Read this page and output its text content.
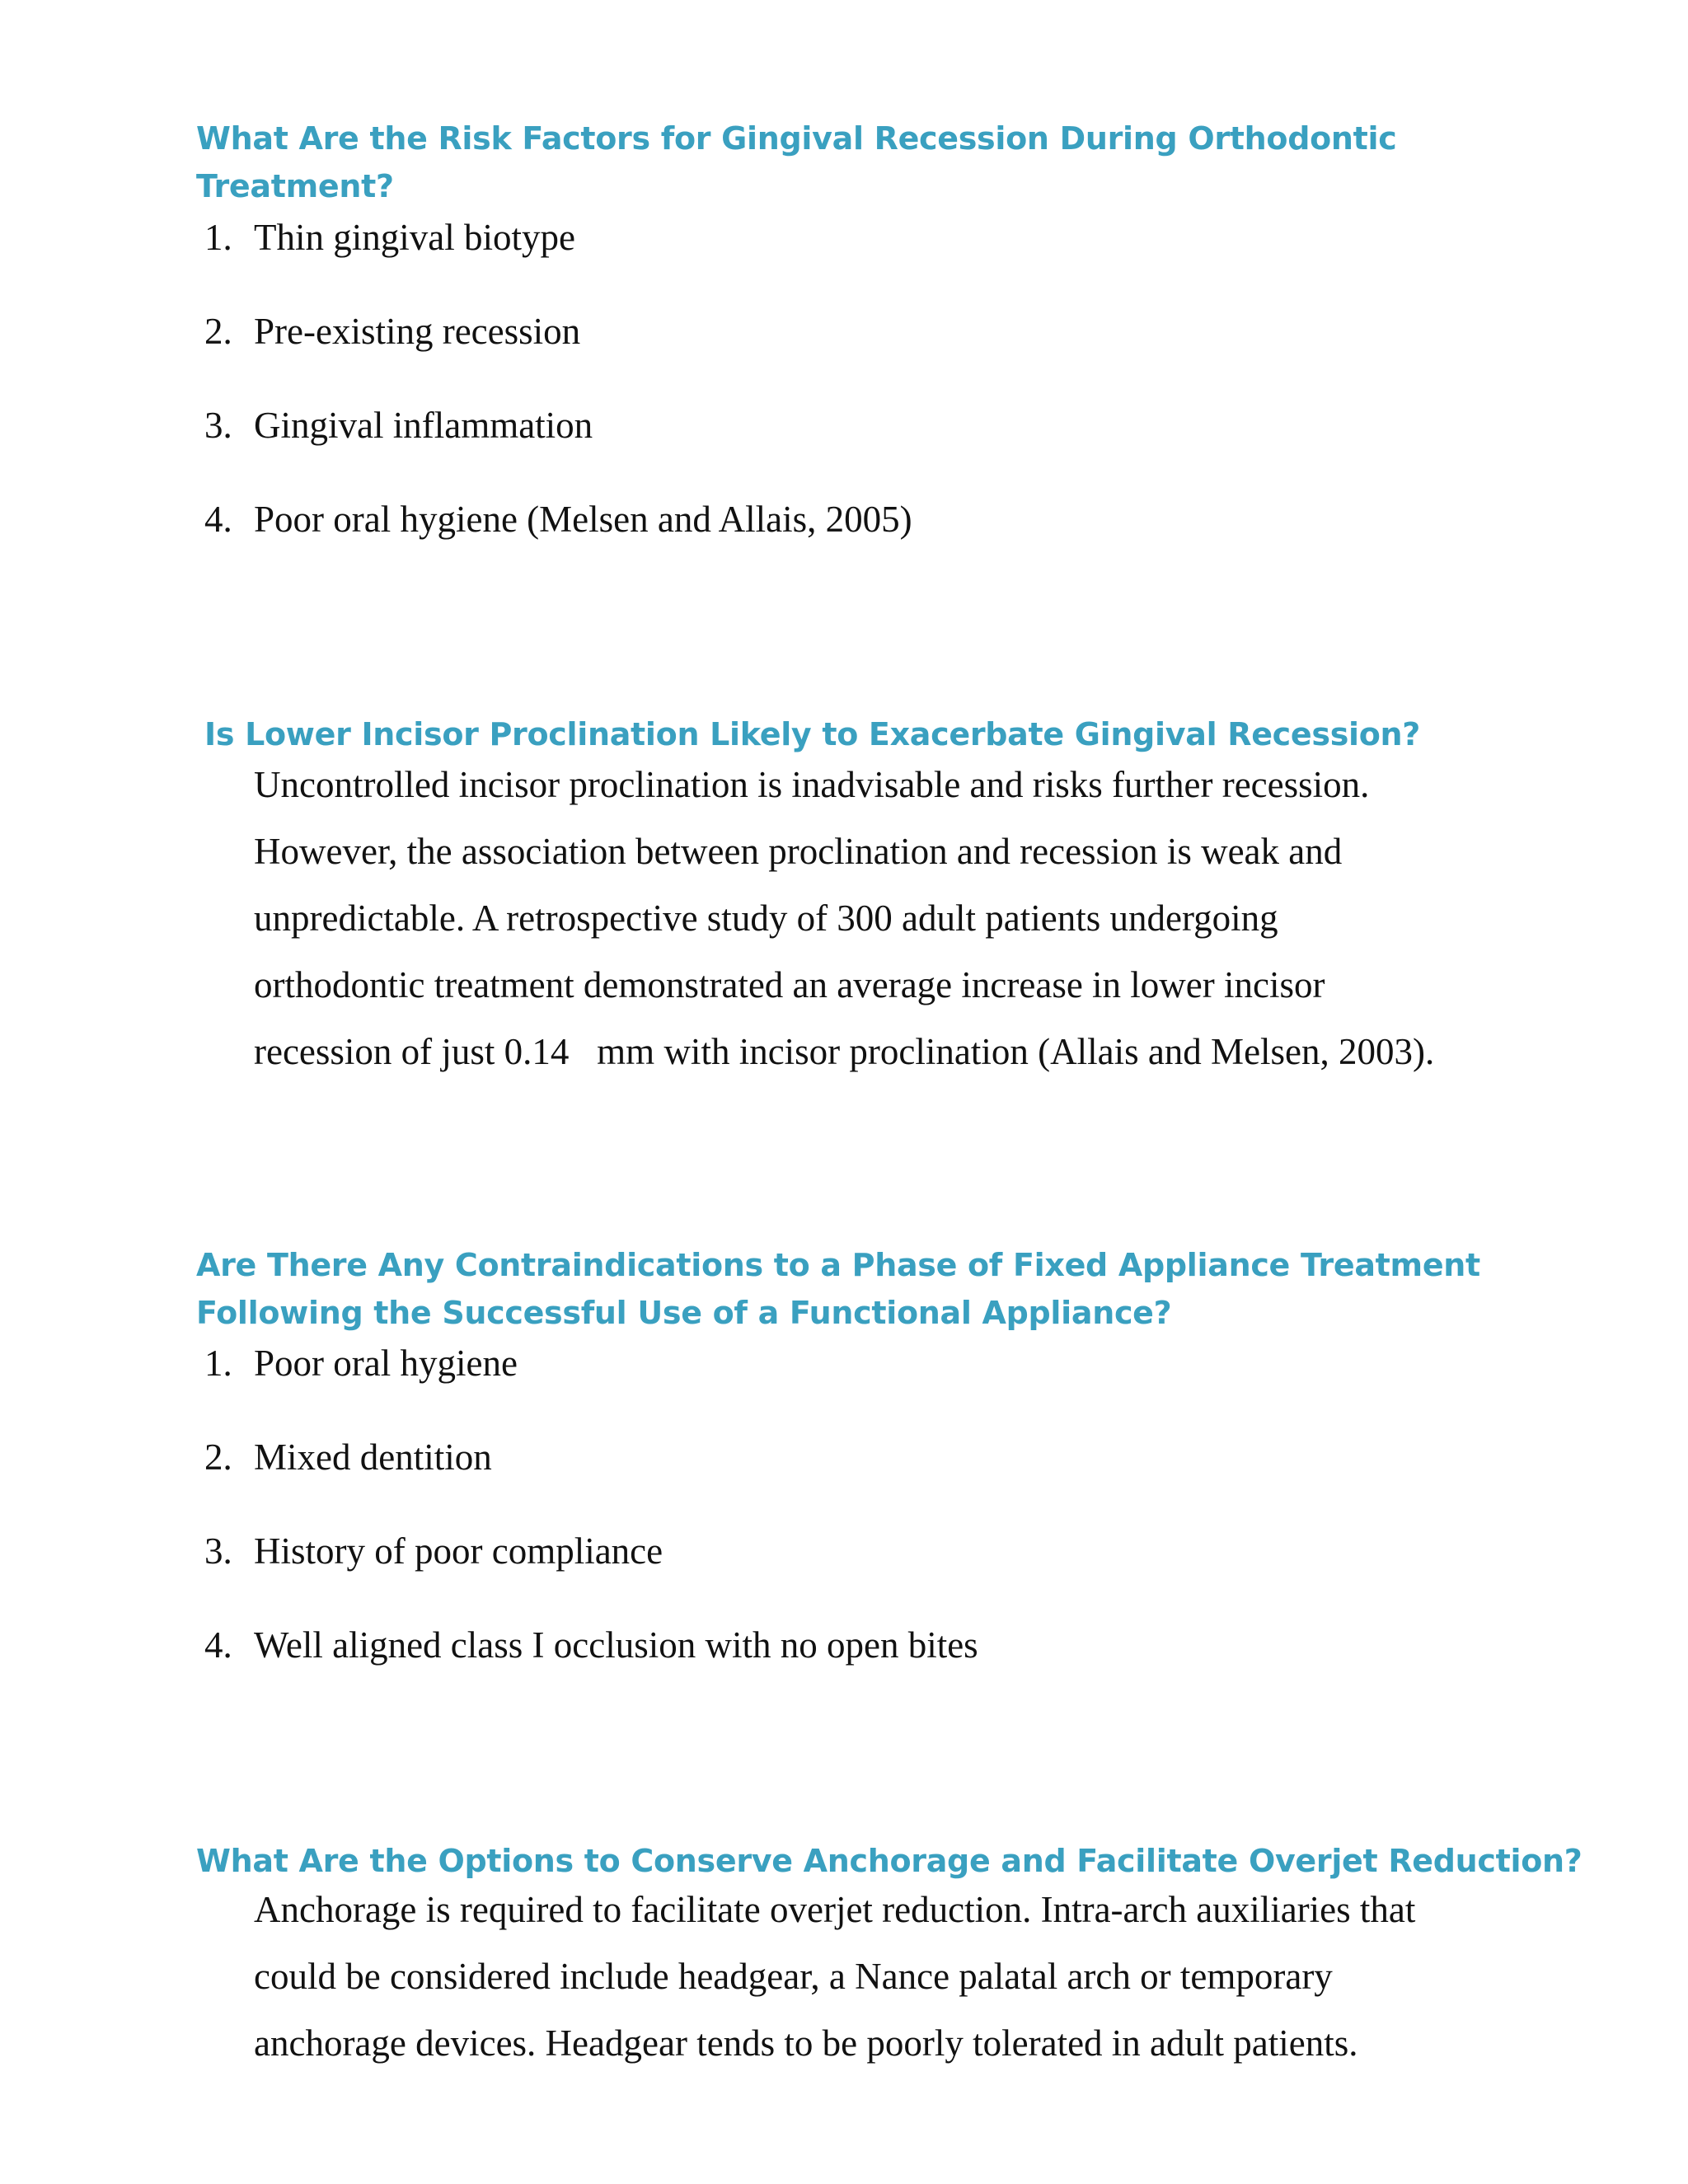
What Are the Risk Factors for Gingival Recession During Orthodontic
Treatment?
1. Thin gingival biotype
2. Pre-existing recession
3. Gingival inflammation
4. Poor oral hygiene (Melsen and Allais, 2005)
Is Lower Incisor Proclination Likely to Exacerbate Gingival Recession?
Uncontrolled incisor proclination is inadvisable and risks further recession.
However, the association between proclination and recession is weak and
unpredictable. A retrospective study of 300 adult patients undergoing
orthodontic treatment demonstrated an average increase in lower incisor
recession of just 0.14   mm with incisor proclination (Allais and Melsen, 2003).
Are There Any Contraindications to a Phase of Fixed Appliance Treatment
Following the Successful Use of a Functional Appliance?
1. Poor oral hygiene
2. Mixed dentition
3. History of poor compliance
4. Well aligned class I occlusion with no open bites
What Are the Options to Conserve Anchorage and Facilitate Overjet Reduction?
Anchorage is required to facilitate overjet reduction. Intra-arch auxiliaries that
could be considered include headgear, a Nance palatal arch or temporary
anchorage devices. Headgear tends to be poorly tolerated in adult patients.
